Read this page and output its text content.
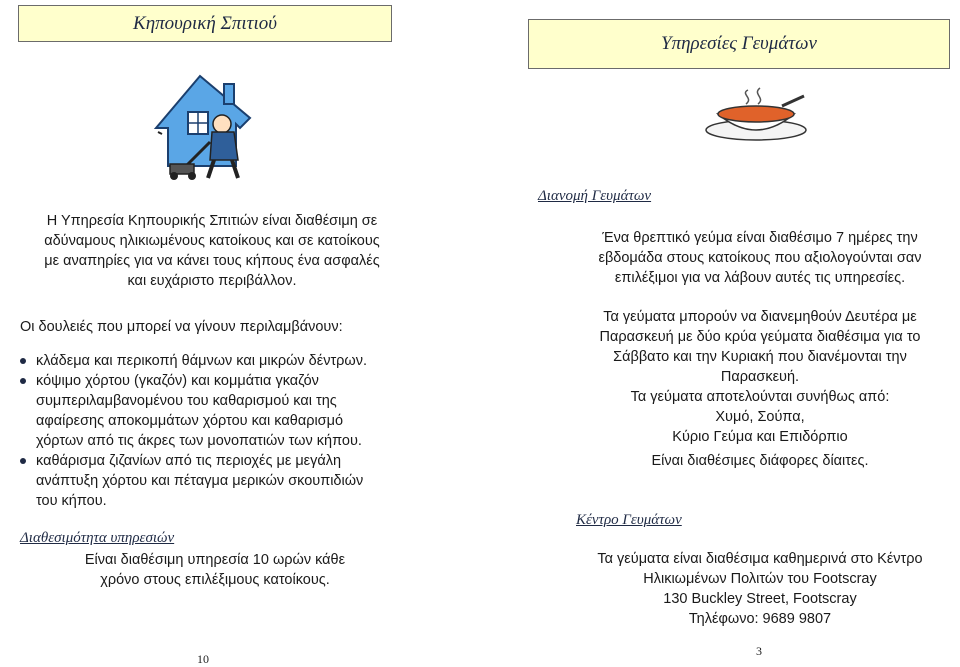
Κηπουρική Σπιτιού
Η Υπηρεσία Κηπουρικής Σπιτιών είναι διαθέσιμη σε
αδύναμους ηλικιωμένους κατοίκους και σε κατοίκους
με αναπηρίες για να κάνει τους κήπους ένα ασφαλές
και ευχάριστο περιβάλλον.
Οι δουλειές που μπορεί να γίνουν περιλαμβάνουν:
κλάδεμα και περικοπή θάμνων και μικρών δέντρων.
κόψιμο χόρτου (γκαζόν) και κομμάτια γκαζόν
συμπεριλαμβανομένου του καθαρισμού και της
αφαίρεσης αποκομμάτων χόρτου και καθαρισμό
χόρτων από τις άκρες των μονοπατιών των κήπου.
καθάρισμα ζιζανίων από τις περιοχές με μεγάλη
ανάπτυξη χόρτου και πέταγμα μερικών σκουπιδιών
του κήπου.
Διαθεσιμότητα υπηρεσιών
Είναι διαθέσιμη υπηρεσία 10 ωρών κάθε
χρόνο στους επιλέξιμους κατοίκους.
10
Υπηρεσίες Γευμάτων
Διανομή Γευμάτων
Ένα θρεπτικό γεύμα είναι διαθέσιμο 7 ημέρες την
εβδομάδα στους κατοίκους που αξιολογούνται σαν
επιλέξιμοι για να λάβουν αυτές τις υπηρεσίες.
Τα γεύματα μπορούν να διανεμηθούν Δευτέρα με
Παρασκευή με δύο κρύα γεύματα διαθέσιμα για το
Σάββατο και την Κυριακή που διανέμονται την
Παρασκευή.
Τα γεύματα αποτελούνται συνήθως από:
Χυμό, Σούπα,
Κύριο Γεύμα και Επιδόρπιο
Είναι διαθέσιμες διάφορες δίαιτες.
Κέντρο Γευμάτων
Τα γεύματα είναι διαθέσιμα καθημερινά στο Κέντρο
Ηλικιωμένων Πολιτών του Footscray
130 Buckley Street, Footscray
Τηλέφωνο: 9689 9807
3
